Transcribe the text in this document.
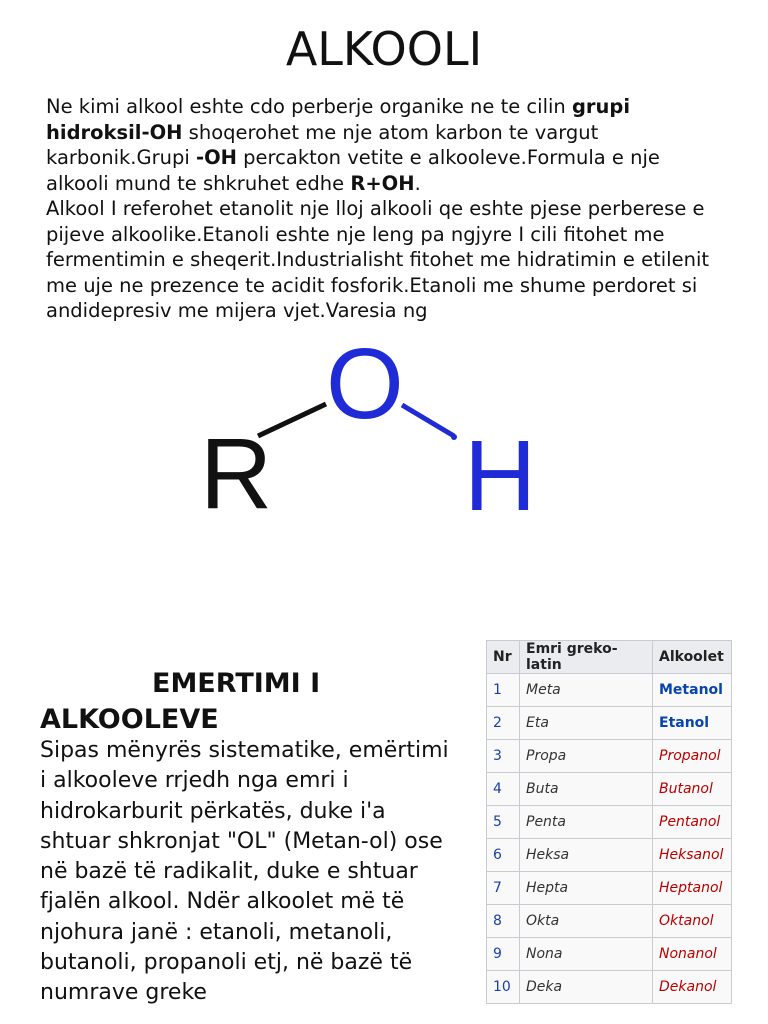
ALKOOLI
Ne kimi alkool eshte cdo perberje organike ne te cilin grupi hidroksil-OH shoqerohet me nje atom karbon te vargut karbonik.Grupi -OH percakton vetite e alkooleve.Formula e nje alkooli mund te shkruhet edhe R+OH.
Alkool I referohet etanolit nje lloj alkooli qe eshte pjese perberese e pijeve alkoolike.Etanoli eshte nje leng pa ngjyre I cili fitohet me fermentimin e sheqerit.Industrialisht fitohet me hidratimin e etilenit me uje ne prezence te acidit fosforik.Etanoli me shume perdoret si andidepresiv me mijera vjet.Varesia ng
R
O
H
EMERTIMI I
ALKOOLEVE
Sipas mënyrës sistematike, emërtimi i alkooleve rrjedh nga emri i hidrokarburit përkatës, duke i'a shtuar shkronjat "OL" (Metan-ol) ose në bazë të radikalit, duke e shtuar fjalën alkool. Ndër alkoolet më të njohura janë : etanoli, metanoli, butanoli, propanoli etj, në bazë të numrave greke
Nr	Emri greko-latin	Alkoolet
1	Meta	Metanol
2	Eta	Etanol
3	Propa	Propanol
4	Buta	Butanol
5	Penta	Pentanol
6	Heksa	Heksanol
7	Hepta	Heptanol
8	Okta	Oktanol
9	Nona	Nonanol
10	Deka	Dekanol
